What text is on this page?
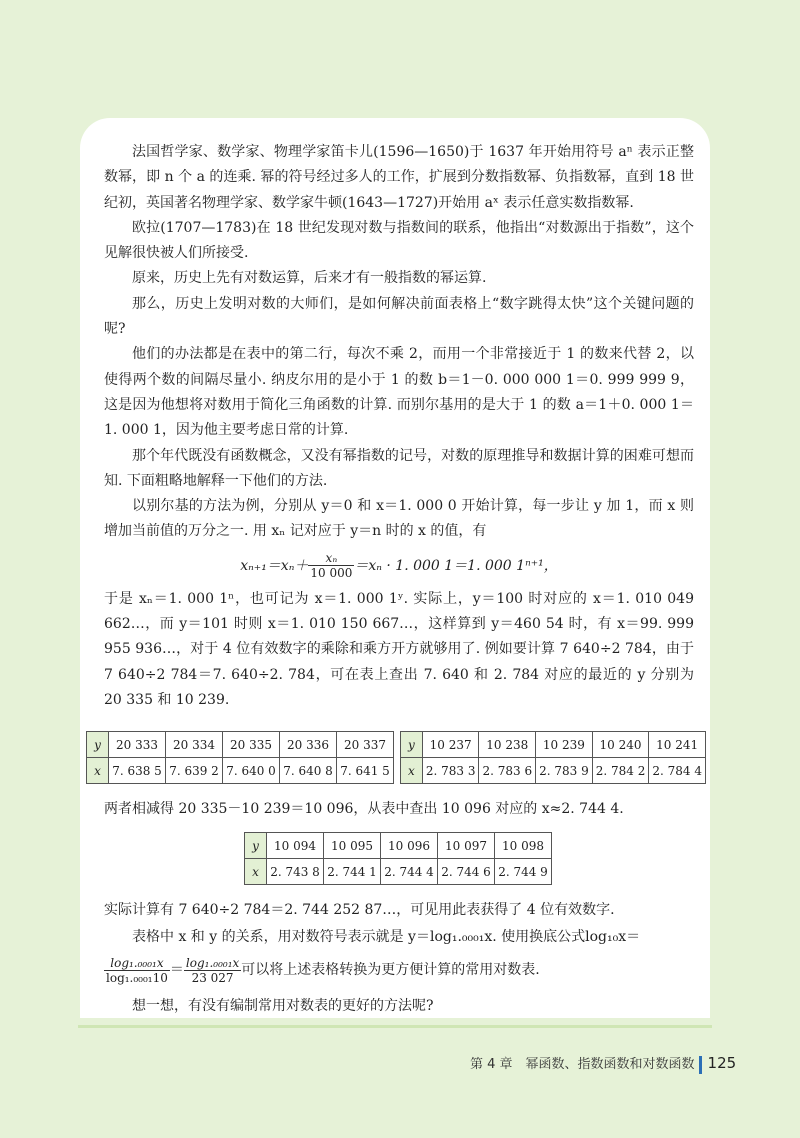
法国哲学家、数学家、物理学家笛卡儿(1596—1650)于 1637 年开始用符号 aⁿ 表示正整数幂，即 n 个 a 的连乘. 幂的符号经过多人的工作，扩展到分数指数幂、负指数幂，直到 18 世纪初，英国著名物理学家、数学家牛顿(1643—1727)开始用 aˣ 表示任意实数指数幂.
欧拉(1707—1783)在 18 世纪发现对数与指数间的联系，他指出“对数源出于指数”，这个见解很快被人们所接受.
原来，历史上先有对数运算，后来才有一般指数的幂运算.
那么，历史上发明对数的大师们，是如何解决前面表格上“数字跳得太快”这个关键问题的呢?
他们的办法都是在表中的第二行，每次不乘 2，而用一个非常接近于 1 的数来代替 2，以使得两个数的间隔尽量小. 纳皮尔用的是小于 1 的数 b＝1－0. 000 000 1＝0. 999 999 9，这是因为他想将对数用于简化三角函数的计算. 而别尔基用的是大于 1 的数 a＝1＋0. 000 1＝1. 000 1，因为他主要考虑日常的计算.
那个年代既没有函数概念，又没有幂指数的记号，对数的原理推导和数据计算的困难可想而知. 下面粗略地解释一下他们的方法.
以别尔基的方法为例，分别从 y＝0 和 x＝1. 000 0 开始计算，每一步让 y 加 1，而 x 则增加当前值的万分之一. 用 xₙ 记对应于 y＝n 时的 x 的值，有
$x_{n+1}=x_n+ \frac{\text{xₙ}}{10 000} =x_n \cdot 1$. 000 1＝1. 000 1ⁿ⁺¹，
于是 xₙ＝1. 000 1ⁿ，也可记为 x＝1. 000 1ʸ. 实际上，y＝100 时对应的 x＝1. 010 049 662…，而 y＝101 时则 x＝1. 010 150 667…，这样算到 y＝460 54 时，有 x＝99. 999 955 936…，对于 4 位有效数字的乘除和乘方开方就够用了. 例如要计算 7 640÷2 784，由于 7 640÷2 784＝7. 640÷2. 784，可在表上查出 7. 640 和 2. 784 对应的最近的 y 分别为 20 335 和 10 239.
y	20 333	20 334	20 335	20 336	20 337
x	7. 638 5	7. 639 2	7. 640 0	7. 640 8	7. 641 5
y	10 237	10 238	10 239	10 240	10 241
x	2. 783 3	2. 783 6	2. 783 9	2. 784 2	2. 784 4
两者相减得 20 335－10 239＝10 096，从表中查出 10 096 对应的 x≈2. 744 4.
y	10 094	10 095	10 096	10 097	10 098
x	2. 743 8	2. 744 1	2. 744 4	2. 744 6	2. 744 9
实际计算有 7 640÷2 784＝2. 744 252 87…，可见用此表获得了 4 位有效数字.
表格中 x 和 y 的关系，用对数符号表示就是 y＝log₁.₀₀₀₁x. 使用换底公式log₁₀x＝
$\frac{\text{log₁.₀₀₀₁x}}{\text{log₁.₀₀₀₁10}} = \frac{\text{log₁.₀₀₀₁x}}{23 027}$ 可以将上述表格转换为更方便计算的常用对数表.
想一想，有没有编制常用对数表的更好的方法呢?
第 4 章　幂函数、指数函数和对数函数 125
